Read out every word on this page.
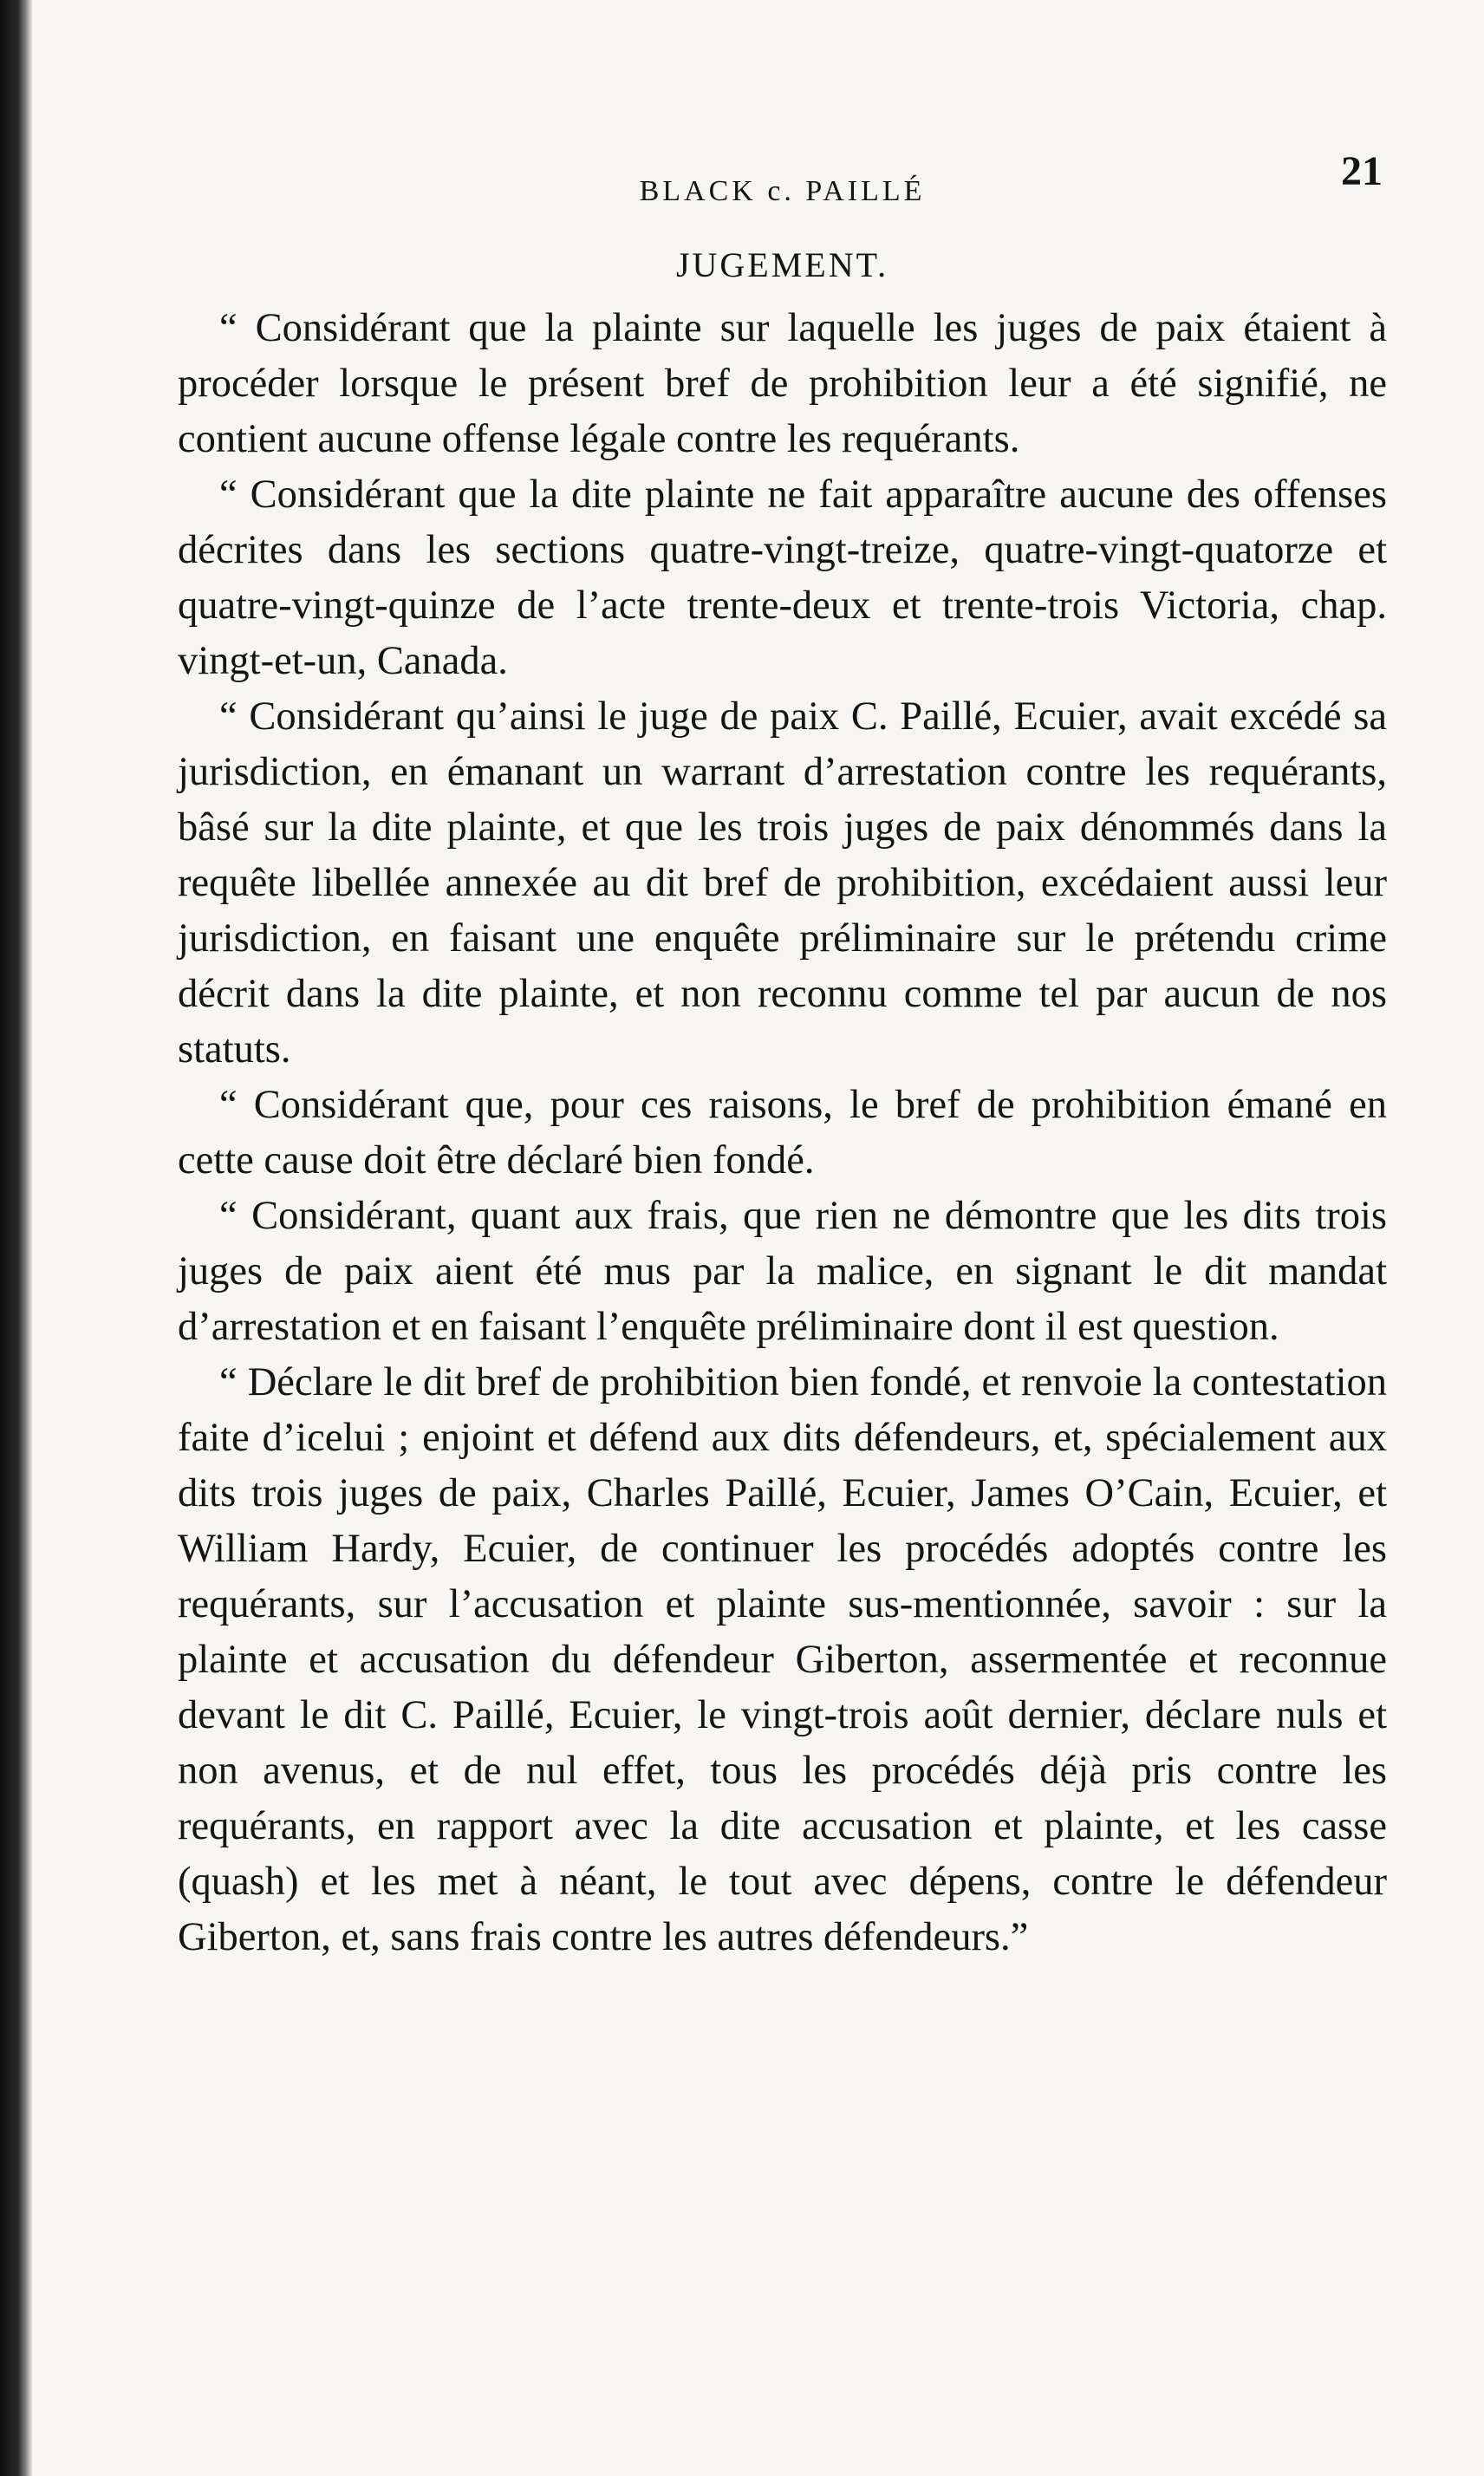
BLACK c. PAILLÉ	21
JUGEMENT.

“ Considérant que la plainte sur laquelle les juges de paix étaient à procéder lorsque le présent bref de prohibition leur a été signifié, ne contient aucune offense légale contre les requérants.

“ Considérant que la dite plainte ne fait apparaître aucune des offenses décrites dans les sections quatre-vingt-treize, quatre-vingt-quatorze et quatre-vingt-quinze de l’acte trente-deux et trente-trois Victoria, chap. vingt-et-un, Canada.

“ Considérant qu’ainsi le juge de paix C. Paillé, Ecuier, avait excédé sa jurisdiction, en émanant un warrant d’arrestation contre les requérants, bâsé sur la dite plainte, et que les trois juges de paix dénommés dans la requête libellée annexée au dit bref de prohibition, excédaient aussi leur jurisdiction, en faisant une enquête préliminaire sur le prétendu crime décrit dans la dite plainte, et non reconnu comme tel par aucun de nos statuts.

“ Considérant que, pour ces raisons, le bref de prohibition émané en cette cause doit être déclaré bien fondé.

“ Considérant, quant aux frais, que rien ne démontre que les dits trois juges de paix aient été mus par la malice, en signant le dit mandat d’arrestation et en faisant l’enquête préliminaire dont il est question.

“ Déclare le dit bref de prohibition bien fondé, et renvoie la contestation faite d’icelui ; enjoint et défend aux dits défendeurs, et, spécialement aux dits trois juges de paix, Charles Paillé, Ecuier, James O’Cain, Ecuier, et William Hardy, Ecuier, de continuer les procédés adoptés contre les requérants, sur l’accusation et plainte sus-mentionnée, savoir : sur la plainte et accusation du défendeur Giberton, assermentée et reconnue devant le dit C. Paillé, Ecuier, le vingt-trois août dernier, déclare nuls et non avenus, et de nul effet, tous les procédés déjà pris contre les requérants, en rapport avec la dite accusation et plainte, et les casse (quash) et les met à néant, le tout avec dépens, contre le défendeur Giberton, et, sans frais contre les autres défendeurs.”
